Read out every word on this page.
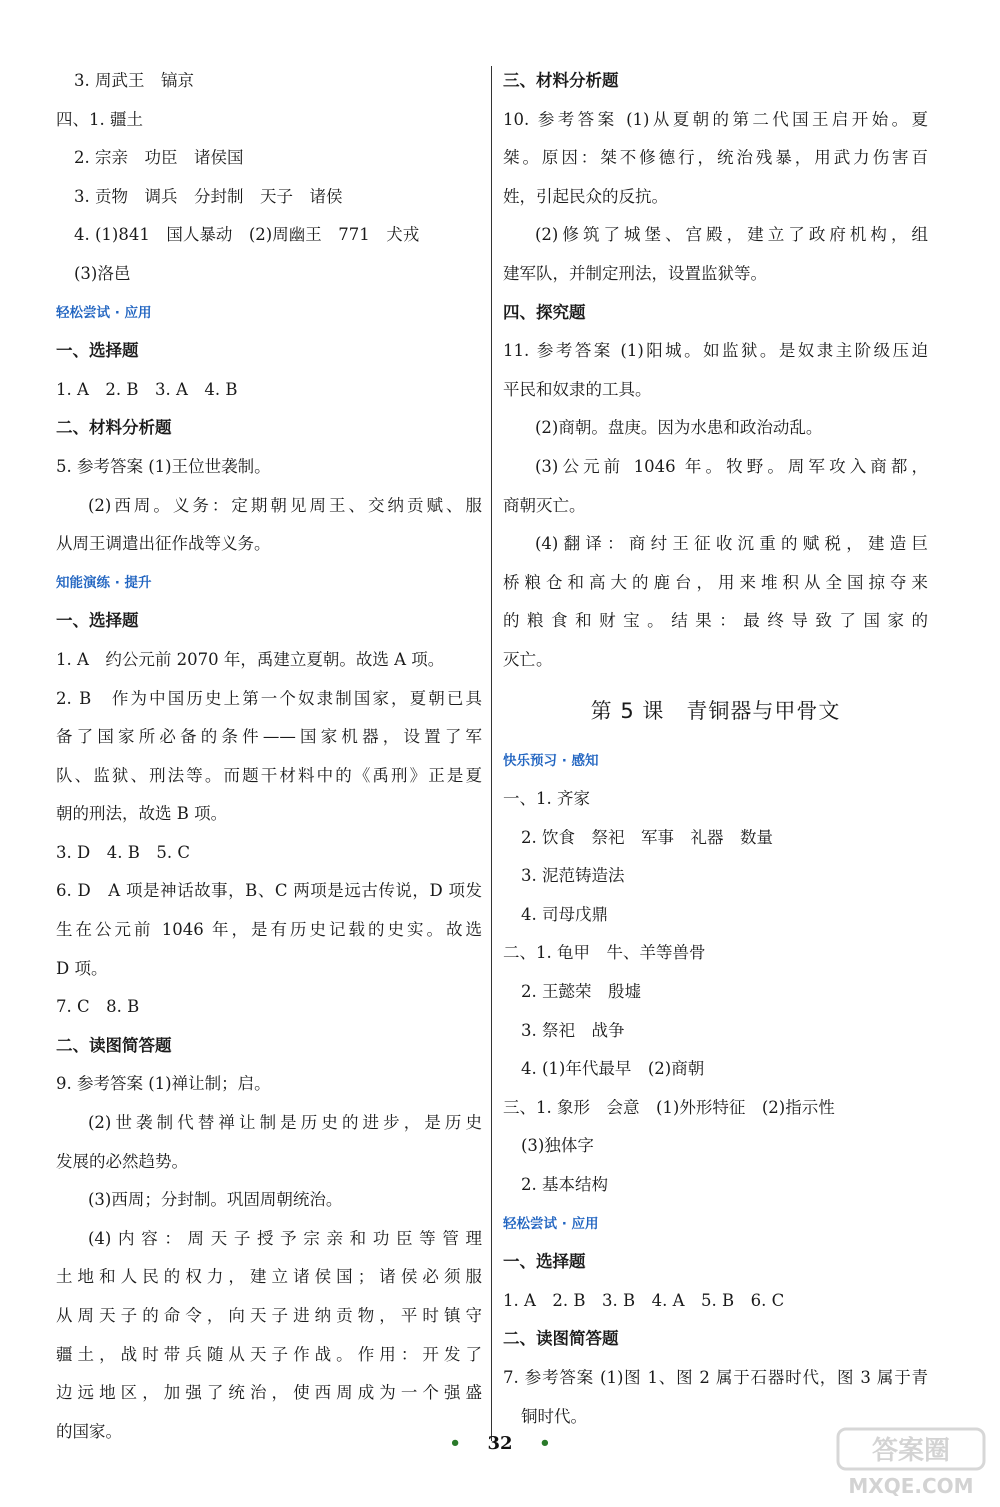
3. 周武王　镐京
四、1. 疆土
2. 宗亲　功臣　诸侯国
3. 贡物　调兵　分封制　天子　诸侯
4. (1)841　国人暴动　(2)周幽王　771　犬戎
(3)洛邑
轻松尝试 · 应用
一、选择题
1. A　2. B　3. A　4. B
二、材料分析题
5. 参考答案 (1)王位世袭制。
(2)西周。义务：定期朝见周王、交纳贡赋、服
从周王调遣出征作战等义务。
知能演练 · 提升
一、选择题
1. A　约公元前 2070 年，禹建立夏朝。故选 A 项。
2. B　作为中国历史上第一个奴隶制国家，夏朝已具
备了国家所必备的条件——国家机器，设置了军
队、监狱、刑法等。而题干材料中的《禹刑》正是夏
朝的刑法，故选 B 项。
3. D　4. B　5. C
6. D　A 项是神话故事，B、C 两项是远古传说，D 项发
生在公元前 1046 年，是有历史记载的史实。故选
D 项。
7. C　8. B
二、读图简答题
9. 参考答案 (1)禅让制；启。
(2)世袭制代替禅让制是历史的进步，是历史
发展的必然趋势。
(3)西周；分封制。巩固周朝统治。
(4)内容：周天子授予宗亲和功臣等管理
土地和人民的权力，建立诸侯国；诸侯必须服
从周天子的命令，向天子进纳贡物，平时镇守
疆土，战时带兵随从天子作战。作用：开发了
边远地区，加强了统治，使西周成为一个强盛
的国家。
三、材料分析题
10. 参考答案 (1)从夏朝的第二代国王启开始。夏
桀。原因：桀不修德行，统治残暴，用武力伤害百
姓，引起民众的反抗。
(2)修筑了城堡、宫殿，建立了政府机构，组
建军队，并制定刑法，设置监狱等。
四、探究题
11. 参考答案 (1)阳城。如监狱。是奴隶主阶级压迫
平民和奴隶的工具。
(2)商朝。盘庚。因为水患和政治动乱。
(3)公元前 1046 年。牧野。周军攻入商都，
商朝灭亡。
(4)翻译：商纣王征收沉重的赋税，建造巨
桥粮仓和高大的鹿台，用来堆积从全国掠夺来
的粮食和财宝。结果：最终导致了国家的
灭亡。
第 5 课　青铜器与甲骨文
快乐预习 · 感知
一、1. 齐家
2. 饮食　祭祀　军事　礼器　数量
3. 泥范铸造法
4. 司母戊鼎
二、1. 龟甲　牛、羊等兽骨
2. 王懿荣　殷墟
3. 祭祀　战争
4. (1)年代最早　(2)商朝
三、1. 象形　会意　(1)外形特征　(2)指示性
(3)独体字
2. 基本结构
轻松尝试 · 应用
一、选择题
1. A　2. B　3. B　4. A　5. B　6. C
二、读图简答题
7. 参考答案 (1)图 1、图 2 属于石器时代，图 3 属于青
铜时代。
• 32 •	答案圈
MXQE.COM
